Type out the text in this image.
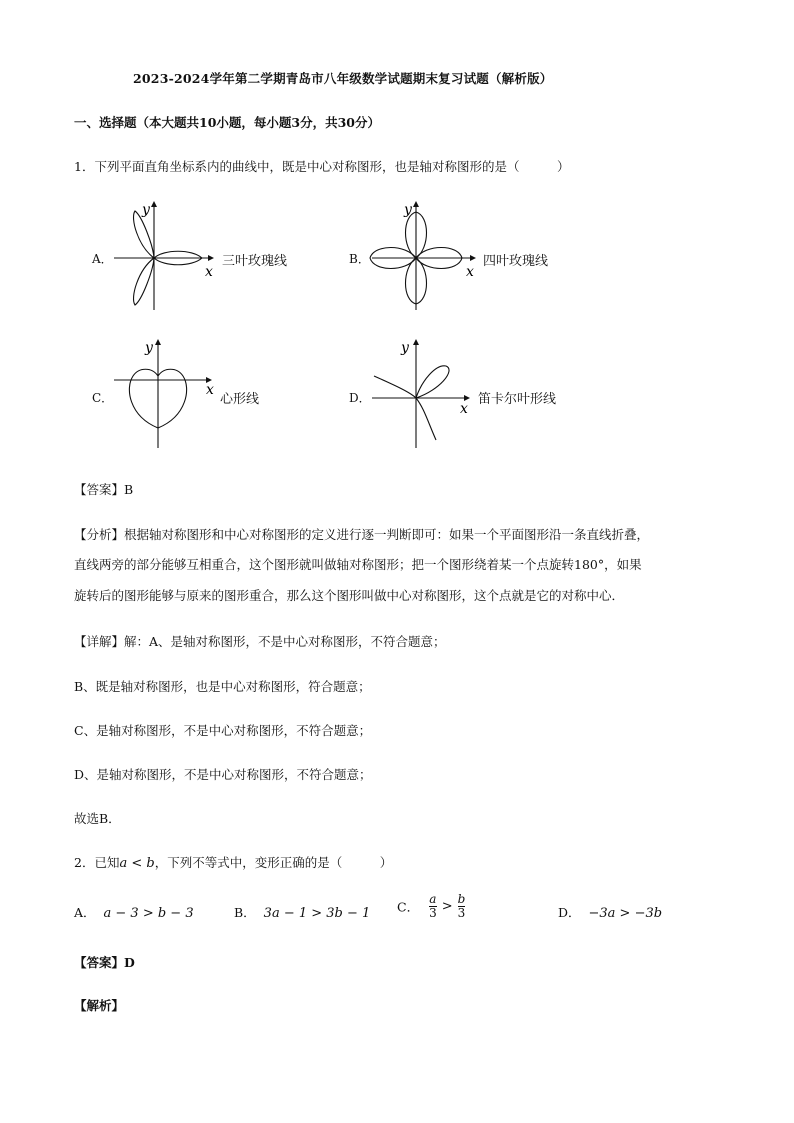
2023-2024学年第二学期青岛市八年级数学试题期末复习试题（解析版）
一、选择题（本大题共10小题，每小题3分，共30分）
1．下列平面直角坐标系内的曲线中，既是中心对称图形，也是轴对称图形的是（　　　）
A．
x
y
三叶玫瑰线	B．
x
y
四叶玫瑰线
C．	x
y
心形线	D．
x
y
笛卡尔叶形线
【答案】B
【分析】根据轴对称图形和中心对称图形的定义进行逐一判断即可：如果一个平面图形沿一条直线折叠，
直线两旁的部分能够互相重合，这个图形就叫做轴对称图形；把一个图形绕着某一个点旋转180°，如果
旋转后的图形能够与原来的图形重合，那么这个图形叫做中心对称图形，这个点就是它的对称中心．
【详解】解：A、是轴对称图形，不是中心对称图形，不符合题意；
B、既是轴对称图形，也是中心对称图形，符合题意；
C、是轴对称图形，不是中心对称图形，不符合题意；
D、是轴对称图形，不是中心对称图形，不符合题意；
故选B．
2．已知a < b，下列不等式中，变形正确的是（　　　）
A． a − 3 > b − 3	B． 3a − 1 > 3b − 1 C． $\frac{a}{3} > \frac{b}{3}$	D． −3a > −3b
【答案】D
【解析】
